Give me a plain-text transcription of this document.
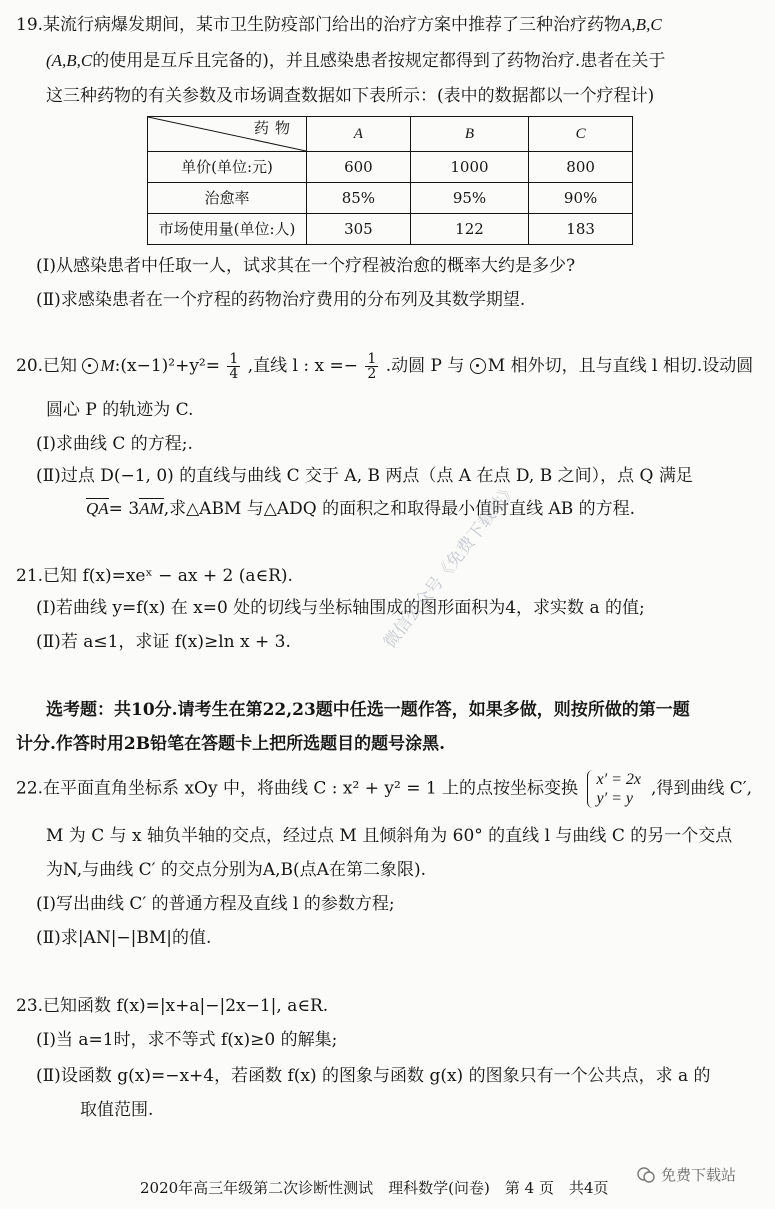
19.某流行病爆发期间，某市卫生防疫部门给出的治疗方案中推荐了三种治疗药物A,B,C
(A,B,C的使用是互斥且完备的)，并且感染患者按规定都得到了药物治疗.患者在关于
这三种药物的有关参数及市场调查数据如下表所示：(表中的数据都以一个疗程计)
药物	A	B	C
单价(单位:元)	600	1000	800
治愈率	85%	95%	90%
市场使用量(单位:人)	305	122	183
(Ⅰ)从感染患者中任取一人，试求其在一个疗程被治愈的概率大约是多少?
(Ⅱ)求感染患者在一个疗程的药物治疗费用的分布列及其数学期望.
20.已知 M:(x−1)²+y²= $\frac{1}{4}$ ,直线 l : $x =- \frac{1}{2}$ .动圆 P 与 M 相外切，且与直线 l 相切.设动圆
圆心 P 的轨迹为 C.
(Ⅰ)求曲线 C 的方程;.
(Ⅱ)过点 D(−1, 0) 的直线与曲线 C 交于 A, B 两点（点 A 在点 D, B 之间），点 Q 满足
QA= 3AM,求△ABM 与△ADQ 的面积之和取得最小值时直线 AB 的方程.
21.已知 f(x)=xeˣ − ax + 2 (a∈R).
(Ⅰ)若曲线 y=f(x) 在 x=0 处的切线与坐标轴围成的图形面积为4，求实数 a 的值;
(Ⅱ)若 a≤1，求证 f(x)≥ln x + 3.
选考题：共10分.请考生在第22,23题中任选一题作答，如果多做，则按所做的第一题
计分.作答时用2B铅笔在答题卡上把所选题目的题号涂黑.
22.在平面直角坐标系 xOy 中，将曲线 C : x² + y² = 1 上的点按坐标变换 x′ = 2x
y′ = y	,得到曲线 C′,
M 为 C 与 x 轴负半轴的交点，经过点 M 且倾斜角为 60° 的直线 l 与曲线 C 的另一个交点
为N,与曲线 C′ 的交点分别为A,B(点A在第二象限).
(Ⅰ)写出曲线 C′ 的普通方程及直线 l 的参数方程;
(Ⅱ)求|AN|−|BM|的值.
23.已知函数 f(x)=|x+a|−|2x−1|, a∈R.
(Ⅰ)当 a=1时，求不等式 f(x)≥0 的解集;
(Ⅱ)设函数 g(x)=−x+4，若函数 f(x) 的图象与函数 g(x) 的图象只有一个公共点，求 a 的
取值范围.
微信公众号《免费下载站》
免费下载站
2020年高三年级第二次诊断性测试　理科数学(问卷)　第 4 页　共4页
